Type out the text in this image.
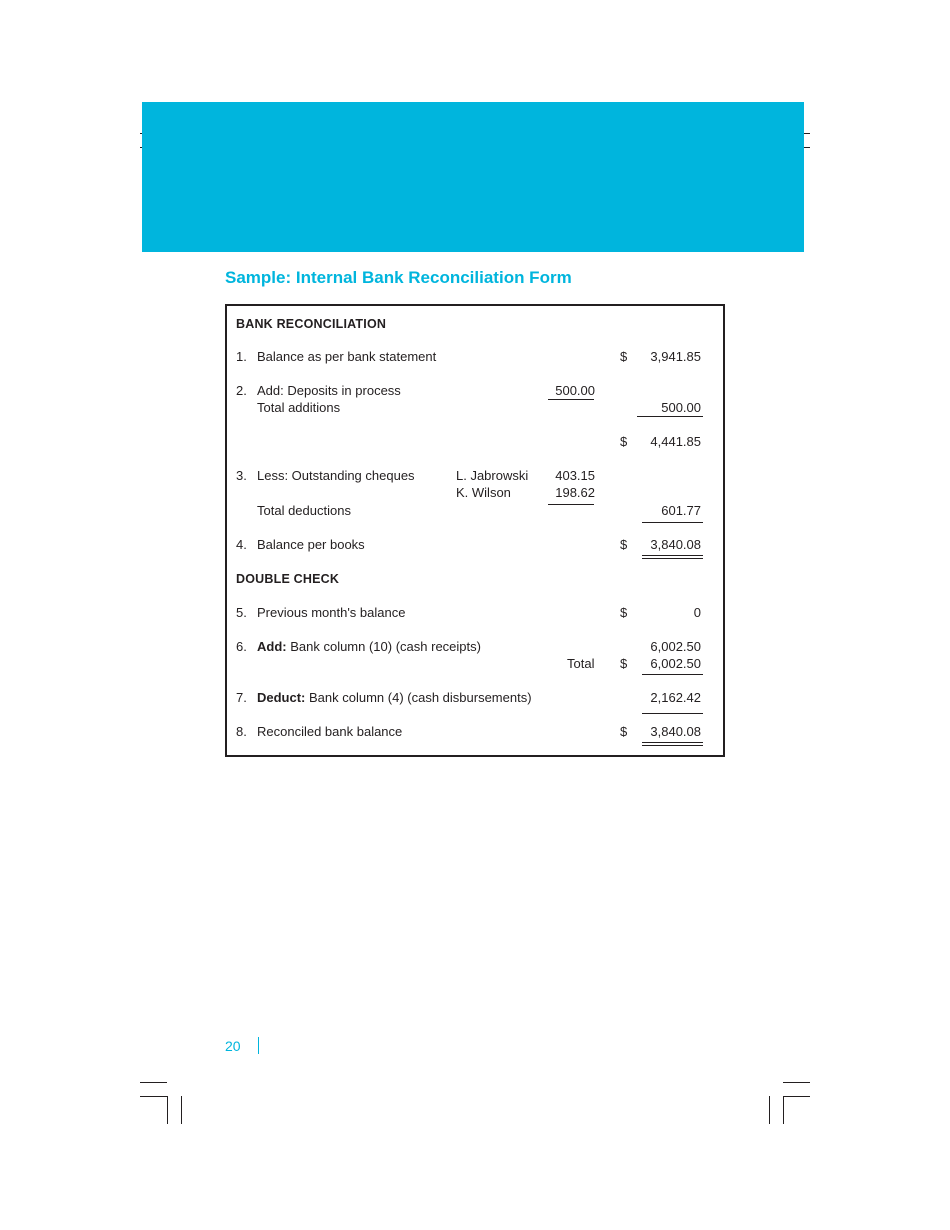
Sample: Internal Bank Reconciliation Form
BANK RECONCILIATION
1. Balance as per bank statement	$	3,941.85
2. Add: Deposits in process	500.00
Total additions	500.00
$	4,441.85
3. Less: Outstanding cheques	L. Jabrowski	403.15
K. Wilson	198.62
Total deductions	601.77
4. Balance per books	$	3,840.08
DOUBLE CHECK
5. Previous month's balance	$	0
6. Add: Bank column (10) (cash receipts)	6,002.50
Total $	6,002.50
7. Deduct: Bank column (4) (cash disbursements)	2,162.42
8. Reconciled bank balance	$	3,840.08
20
